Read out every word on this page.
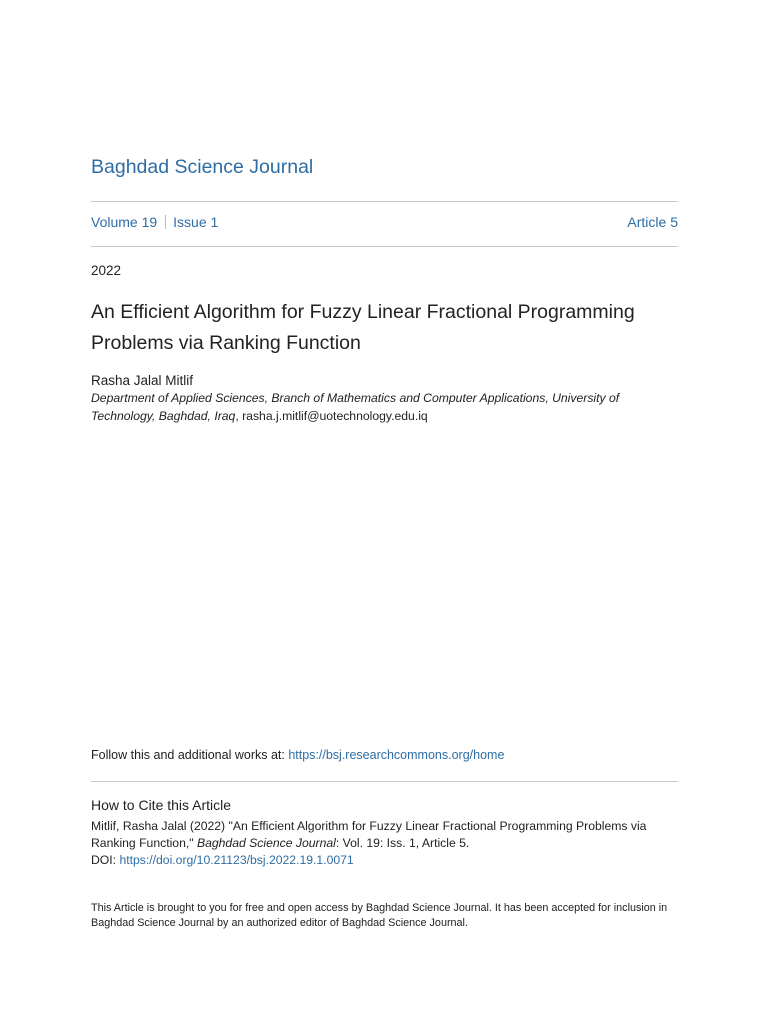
Baghdad Science Journal
Volume 19 Issue 1	Article 5
2022
An Efficient Algorithm for Fuzzy Linear Fractional Programming Problems via Ranking Function
Rasha Jalal Mitlif
Department of Applied Sciences, Branch of Mathematics and Computer Applications, University of Technology, Baghdad, Iraq, rasha.j.mitlif@uotechnology.edu.iq
Follow this and additional works at: https://bsj.researchcommons.org/home
How to Cite this Article
Mitlif, Rasha Jalal (2022) "An Efficient Algorithm for Fuzzy Linear Fractional Programming Problems via Ranking Function," Baghdad Science Journal: Vol. 19: Iss. 1, Article 5.
DOI: https://doi.org/10.21123/bsj.2022.19.1.0071
This Article is brought to you for free and open access by Baghdad Science Journal. It has been accepted for inclusion in Baghdad Science Journal by an authorized editor of Baghdad Science Journal.
